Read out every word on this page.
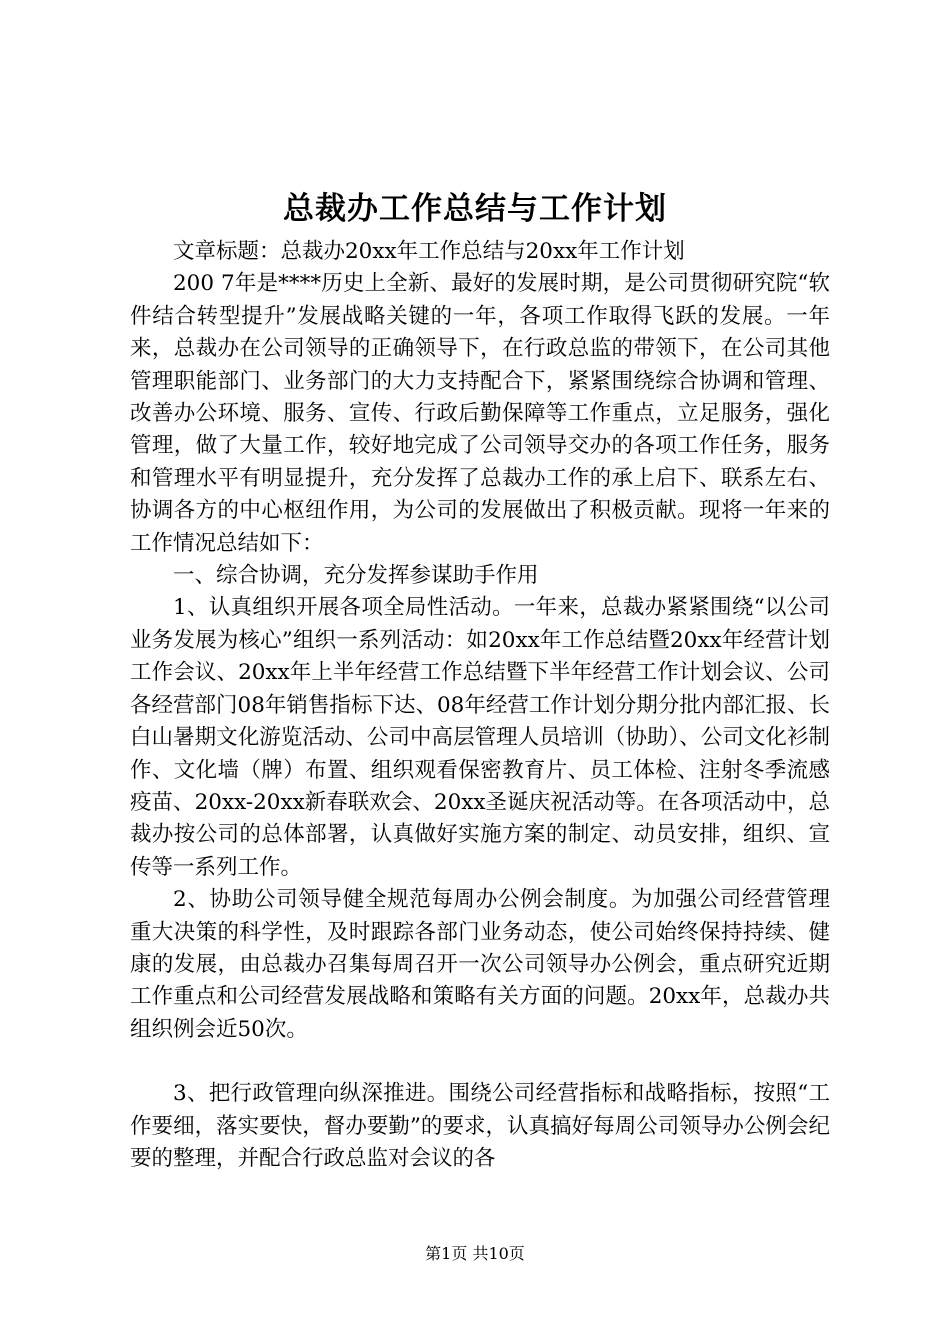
总裁办工作总结与工作计划

文章标题：总裁办20xx年工作总结与20xx年工作计划

200 7年是****历史上全新、最好的发展时期，是公司贯彻研究院“软件结合转型提升”发展战略关键的一年，各项工作取得飞跃的发展。一年来，总裁办在公司领导的正确领导下，在行政总监的带领下，在公司其他管理职能部门、业务部门的大力支持配合下，紧紧围绕综合协调和管理、改善办公环境、服务、宣传、行政后勤保障等工作重点，立足服务，强化管理，做了大量工作，较好地完成了公司领导交办的各项工作任务，服务和管理水平有明显提升，充分发挥了总裁办工作的承上启下、联系左右、协调各方的中心枢纽作用，为公司的发展做出了积极贡献。现将一年来的工作情况总结如下：

一、综合协调，充分发挥参谋助手作用

1、认真组织开展各项全局性活动。一年来，总裁办紧紧围绕“以公司业务发展为核心”组织一系列活动：如20xx年工作总结暨20xx年经营计划工作会议、20xx年上半年经营工作总结暨下半年经营工作计划会议、公司各经营部门08年销售指标下达、08年经营工作计划分期分批内部汇报、长白山暑期文化游览活动、公司中高层管理人员培训（协助）、公司文化衫制作、文化墙（牌）布置、组织观看保密教育片、员工体检、注射冬季流感疫苗、20xx-20xx新春联欢会、20xx圣诞庆祝活动等。在各项活动中，总裁办按公司的总体部署，认真做好实施方案的制定、动员安排，组织、宣传等一系列工作。

2、协助公司领导健全规范每周办公例会制度。为加强公司经营管理重大决策的科学性，及时跟踪各部门业务动态，使公司始终保持持续、健康的发展，由总裁办召集每周召开一次公司领导办公例会，重点研究近期工作重点和公司经营发展战略和策略有关方面的问题。20xx年，总裁办共组织例会近50次。

3、把行政管理向纵深推进。围绕公司经营指标和战略指标，按照“工作要细，落实要快，督办要勤”的要求，认真搞好每周公司领导办公例会纪要的整理，并配合行政总监对会议的各

第1页 共10页
